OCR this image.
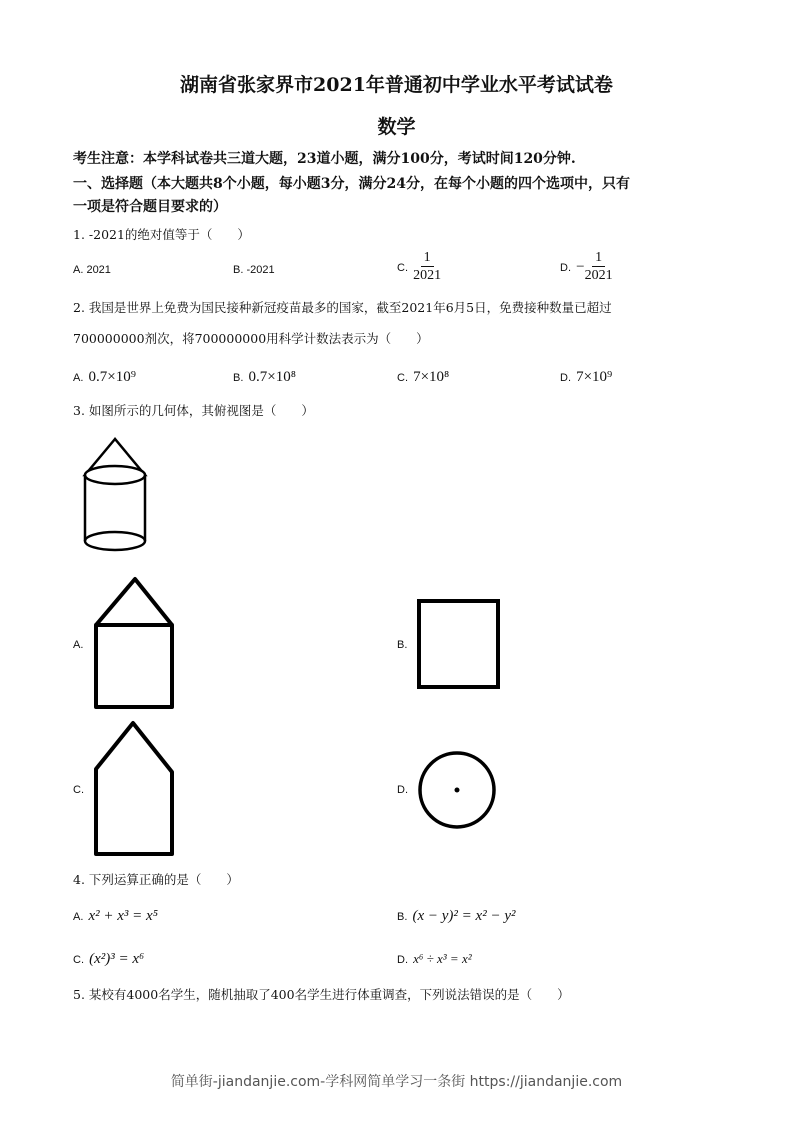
湖南省张家界市2021年普通初中学业水平考试试卷
数学
考生注意：本学科试卷共三道大题，23道小题，满分100分，考试时间120分钟.
一、选择题（本大题共8个小题，每小题3分，满分24分，在每个小题的四个选项中，只有
一项是符合题目要求的）
1. -2021的绝对值等于（　　）
A. 2021	B. -2021	C. $\frac{1}{2021}$	D. − $\frac{1}{2021}$
2. 我国是世界上免费为国民接种新冠疫苗最多的国家，截至2021年6月5日，免费接种数量已超过
700000000剂次，将700000000用科学计数法表示为（　　）
A. 0.7×10⁹	B. 0.7×10⁸	C. 7×10⁸	D. 7×10⁹
3. 如图所示的几何体，其俯视图是（　　）
A.	B.
C.	D.
4. 下列运算正确的是（　　）
A. x² + x³ = x⁵	B. (x − y)² = x² − y²
C. (x²)³ = x⁶	D. x⁶ ÷ x³ = x²
5. 某校有4000名学生，随机抽取了400名学生进行体重调查，下列说法错误的是（　　）
简单街-jiandanjie.com-学科网简单学习一条街 https://jiandanjie.com
